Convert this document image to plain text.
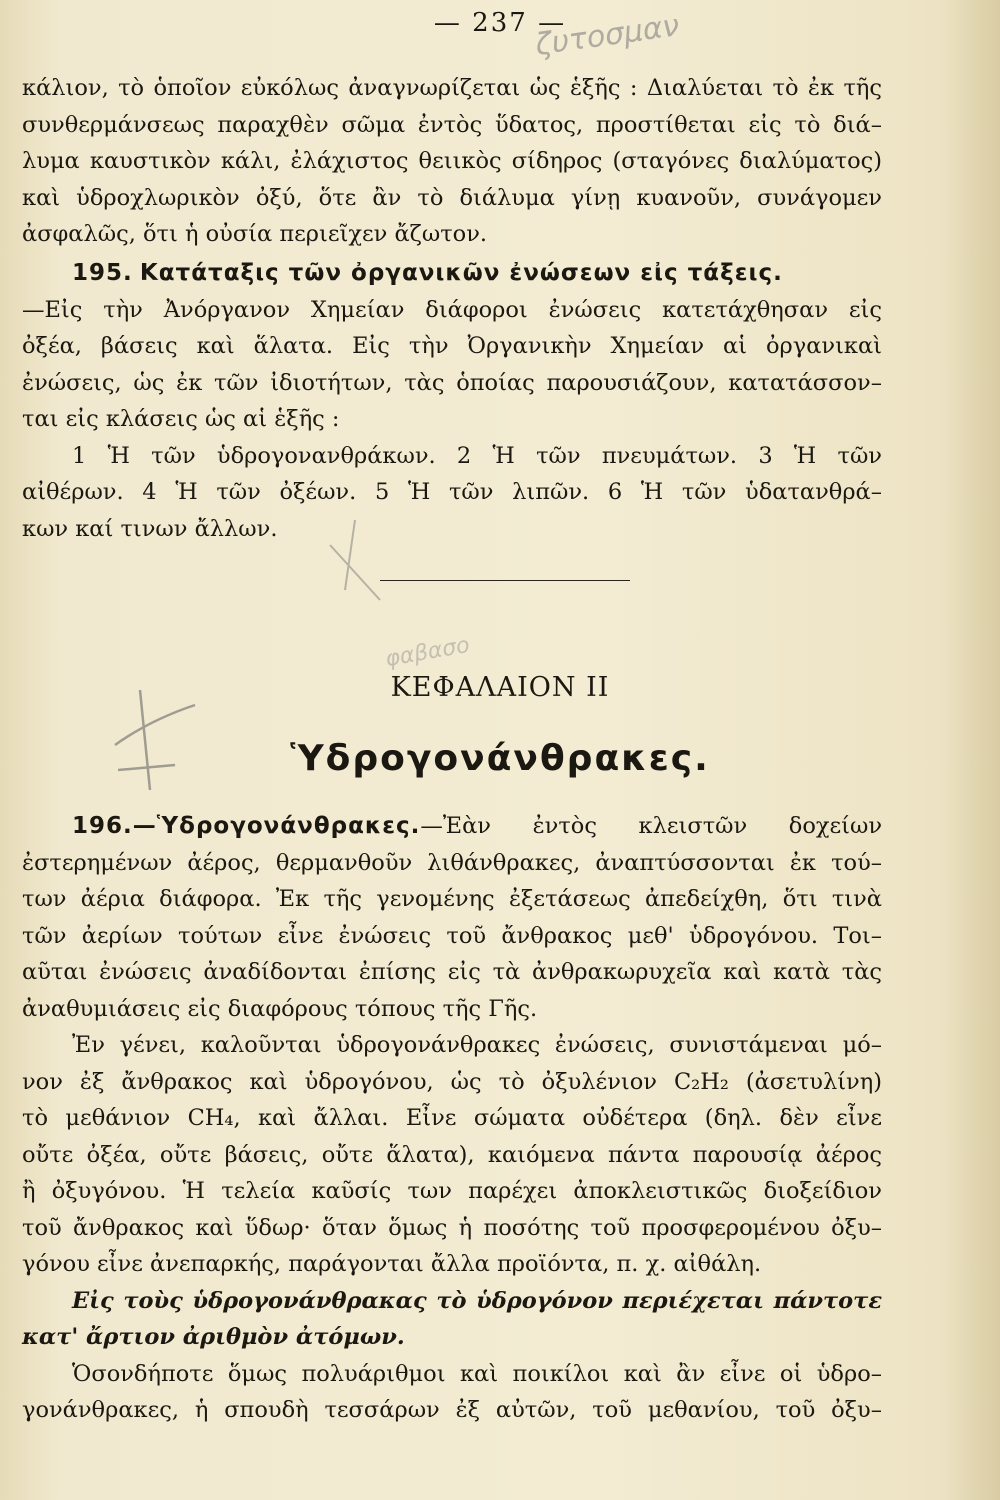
— 237 —
ζυτοσμαν
κάλιον, τὸ ὁποῖον εὐκόλως ἀναγνωρίζεται ὡς ἑξῆς : Διαλύεται τὸ ἐκ τῆς
συνθερμάνσεως παραχθὲν σῶμα ἐντὸς ὕδατος, προστίθεται εἰς τὸ διά–
λυμα καυστικὸν κάλι, ἐλάχιστος θειικὸς σίδηρος (σταγόνες διαλύματος)
καὶ ὑδροχλωρικὸν ὀξύ, ὅτε ἂν τὸ διάλυμα γίνῃ κυανοῦν, συνάγομεν
ἀσφαλῶς, ὅτι ἡ οὐσία περιεῖχεν ἄζωτον.
195. Κατάταξις τῶν ὀργανικῶν ἐνώσεων εἰς τάξεις.
—Εἰς τὴν Ἀνόργανον Χημείαν διάφοροι ἐνώσεις κατετάχθησαν εἰς
ὀξέα, βάσεις καὶ ἅλατα. Εἰς τὴν Ὀργανικὴν Χημείαν αἱ ὀργανικαὶ
ἐνώσεις, ὡς ἐκ τῶν ἰδιοτήτων, τὰς ὁποίας παρουσιάζουν, κατατάσσον–
ται εἰς κλάσεις ὡς αἱ ἑξῆς :
1 Ἡ τῶν ὑδρογονανθράκων. 2 Ἡ τῶν πνευμάτων. 3 Ἡ τῶν
αἰθέρων. 4 Ἡ τῶν ὀξέων. 5 Ἡ τῶν λιπῶν. 6 Ἡ τῶν ὑδατανθρά–
κων καί τινων ἄλλων.
φαβασο
ΚΕΦΑΛΑΙΟΝ ΙΙ
Ὑδρογονάνθρακες.
196.—Ὑδρογονάνθρακες.—Ἐὰν ἐντὸς κλειστῶν δοχείων
ἐστερημένων ἀέρος, θερμανθοῦν λιθάνθρακες, ἀναπτύσσονται ἐκ τού–
των ἀέρια διάφορα. Ἐκ τῆς γενομένης ἐξετάσεως ἀπεδείχθη, ὅτι τινὰ
τῶν ἀερίων τούτων εἶνε ἐνώσεις τοῦ ἄνθρακος μεθ' ὑδρογόνου. Τοι–
αῦται ἐνώσεις ἀναδίδονται ἐπίσης εἰς τὰ ἀνθρακωρυχεῖα καὶ κατὰ τὰς
ἀναθυμιάσεις εἰς διαφόρους τόπους τῆς Γῆς.
Ἐν γένει, καλοῦνται ὑδρογονάνθρακες ἐνώσεις, συνιστάμεναι μό–
νον ἐξ ἄνθρακος καὶ ὑδρογόνου, ὡς τὸ ὀξυλένιον C₂H₂ (ἀσετυλίνη)
τὸ μεθάνιον CH₄, καὶ ἄλλαι. Εἶνε σώματα οὐδέτερα (δηλ. δὲν εἶνε
οὔτε ὀξέα, οὔτε βάσεις, οὔτε ἅλατα), καιόμενα πάντα παρουσίᾳ ἀέρος
ἢ ὀξυγόνου. Ἡ τελεία καῦσίς των παρέχει ἀποκλειστικῶς διοξείδιον
τοῦ ἄνθρακος καὶ ὕδωρ· ὅταν ὅμως ἡ ποσότης τοῦ προσφερομένου ὀξυ–
γόνου εἶνε ἀνεπαρκής, παράγονται ἄλλα προϊόντα, π. χ. αἰθάλη.
Εἰς τοὺς ὑδρογονάνθρακας τὸ ὑδρογόνον περιέχεται πάντοτε
κατ' ἄρτιον ἀριθμὸν ἀτόμων.
Ὁσονδήποτε ὅμως πολυάριθμοι καὶ ποικίλοι καὶ ἂν εἶνε οἱ ὑδρο–
γονάνθρακες, ἡ σπουδὴ τεσσάρων ἐξ αὐτῶν, τοῦ μεθανίου, τοῦ ὀξυ–
